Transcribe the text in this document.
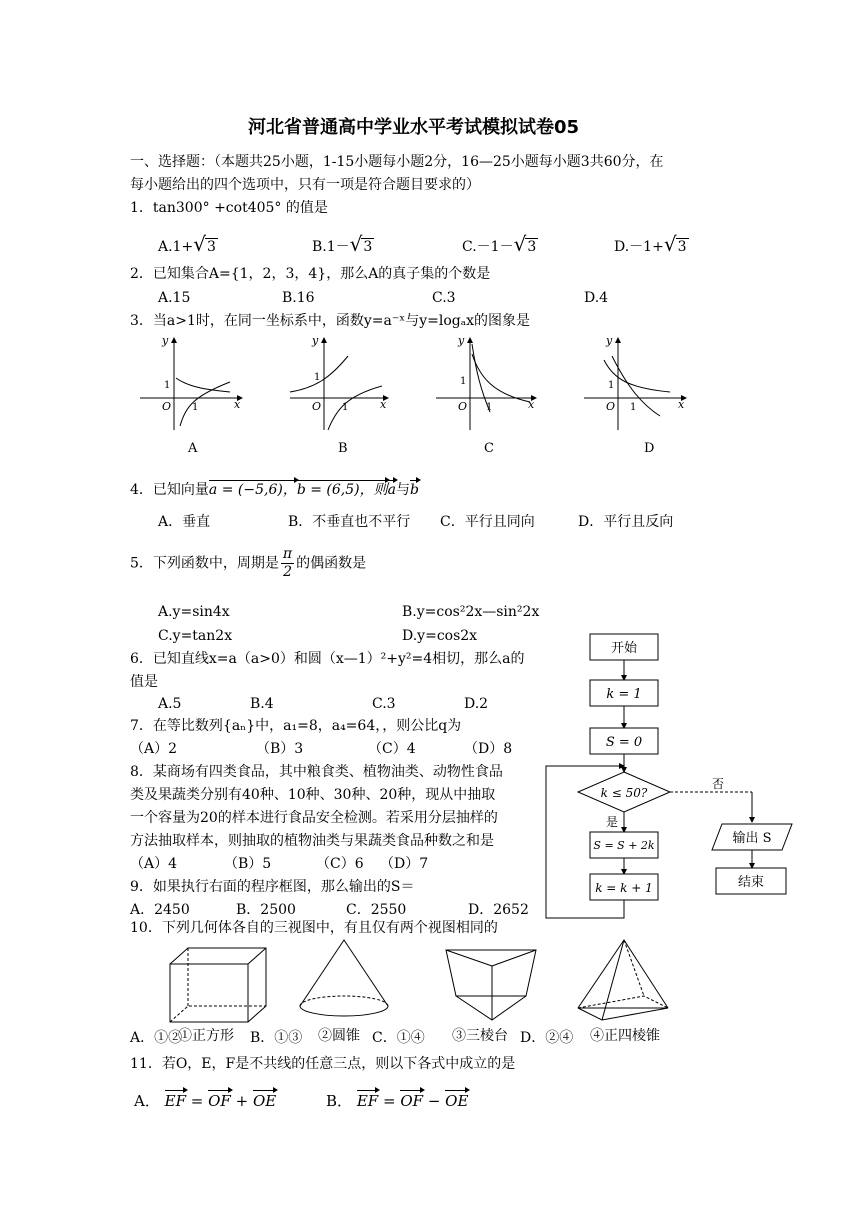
河北省普通高中学业水平考试模拟试卷05
一、选择题：（本题共25小题，1-15小题每小题2分，16—25小题每小题3共60分，在
每小题给出的四个选项中，只有一项是符合题目要求的）
1．tan300° +cot405° 的值是
A.1+√3	B.1－√3	C.－1－√3	D.－1+√3
2．已知集合A={1，2，3，4}，那么A的真子集的个数是
A.15	B.16	C.3	D.4
3．当a>1时，在同一坐标系中，函数y=a⁻ˣ与y=logₐx的图象是
y
x
O
1
1
A
y
x
O
1
1
B
y
x
O
1
1
C
y
x
O
1
1
D
4．已知向量a = (−5,6)，b = (6,5)，则a与b
A．垂直	B．不垂直也不平行 C．平行且同向	D．平行且反向
5．下列函数中，周期是 $\frac{\pi}{2}$ 的偶函数是
A.y=sin4x	B.y=cos²2x—sin²2x
C.y=tan2x	D.y=cos2x
6．已知直线x=a（a>0）和圆（x—1）²+y²=4相切，那么a的
值是
A.5	B.4	C.3	D.2
7．在等比数列{aₙ}中，a₁=8，a₄=64，，则公比q为
（A）2	（B）3	（C）4	（D）8
8．某商场有四类食品，其中粮食类、植物油类、动物性食品
类及果蔬类分别有40种、10种、30种、20种，现从中抽取
一个容量为20的样本进行食品安全检测。若采用分层抽样的
方法抽取样本，则抽取的植物油类与果蔬类食品种数之和是
（A）4	（B）5	（C）6 （D）7
9．如果执行右面的程序框图，那么输出的S＝
A．2450	B．2500	C．2550	D．2652
开始
k = 1
S = 0
k ≤ 50?
否
是
S = S + 2k
k = k + 1
输出 S
结束
10．下列几何体各自的三视图中，有且仅有两个视图相同的
A．①②
①正方形 B．①③ ②圆锥 C．①④ ③三棱台 D．②④ ④正四棱锥
11．若O，E，F是不共线的任意三点，则以下各式中成立的是
A． EF = OF + OE	B． EF = OF − OE
